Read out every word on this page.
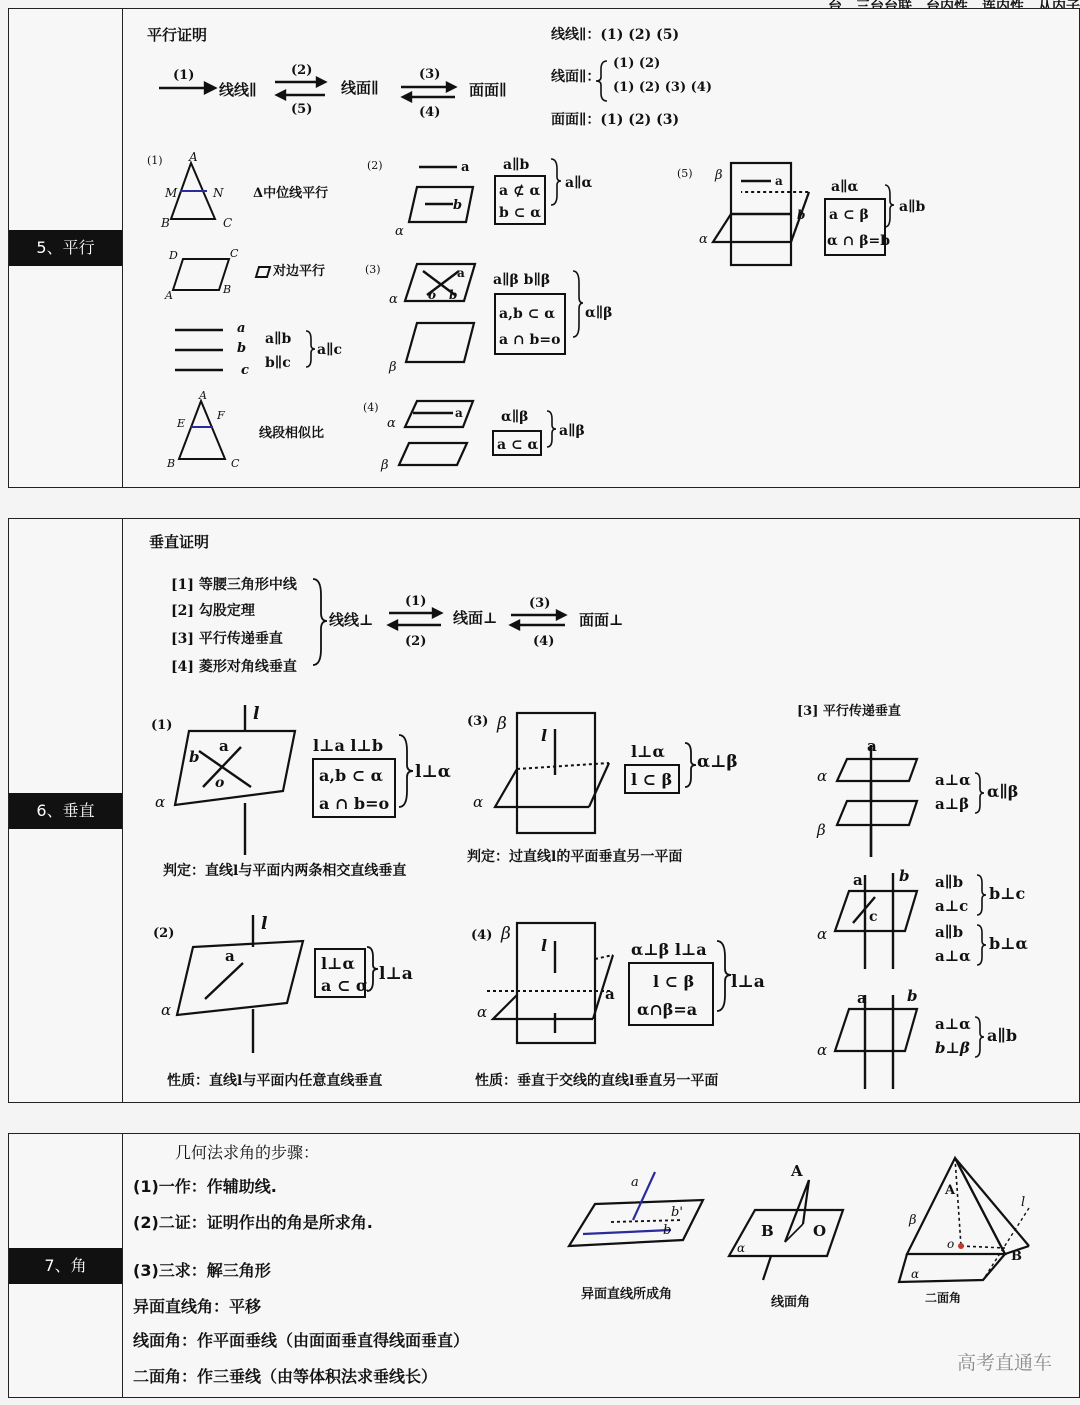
5、平行
平行证明
(1)
线线∥
(2)
(5)
线面∥
(3)
(4)
面面∥
线线∥：(1) (2) (5)
线面∥：
(1) (2)
(1) (2) (3) (4)
面面∥：(1) (2) (3)
(1) A
M	N
B	C
Δ中位线平行
D	C
A	B
对边平行
a
b
c
a∥b
b∥c
a∥c
A
E
F
B	C
线段相似比
(2)	a
b
α
a∥b
a ⊄ α
b ⊂ α
a∥α
(3)	a
o b
α
β
a∥β b∥β
a,b ⊂ α
a ∩ b=o
α∥β
(4)	a
α
β
α∥β
a ⊂ α
a∥β
(5) β	a
b
α
a∥α
a ⊂ β
α ∩ β=b
a∥b
6、垂直
垂直证明
[1] 等腰三角形中线
[2] 勾股定理
[3] 平行传递垂直
[4] 菱形对角线垂直
线线⊥
(1)
(2)
线面⊥
(3)
(4)
面面⊥
(1)
l
a
b
o
α
l⊥a l⊥b
a,b ⊂ α
a ∩ b=o
l⊥α
判定：直线l与平面内两条相交直线垂直
(2)	l
a
α
l⊥α
a ⊂ α
l⊥a
性质：直线l与平面内任意直线垂直
(3) β
l
α
l⊥α
l ⊂ β
α⊥β
判定：过直线l的平面垂直另一平面
(4) β
l
a
α
α⊥β l⊥a
l ⊂ β
α∩β=a
l⊥a
性质：垂直于交线的直线l垂直另一平面
[3] 平行传递垂直
a
α
β
a⊥α
a⊥β
α∥β
a b
c
α
a∥b
a⊥c
b⊥c
a∥b
a⊥α
b⊥α
a	b
α
a⊥α
b⊥β
a∥b
7、角
几何法求角的步骤：
(1)一作：作辅助线.
(2)二证：证明作出的角是所求角.
(3)三求：解三角形
异面直线角：平移
线面角：作平面垂线（由面面垂直得线面垂直）
二面角：作三垂线（由等体积法求垂线长）
a
b'
b
异面直线所成角
A
B	O
α
线面角
A
β
l
o
B
α
二面角
高考直通车
